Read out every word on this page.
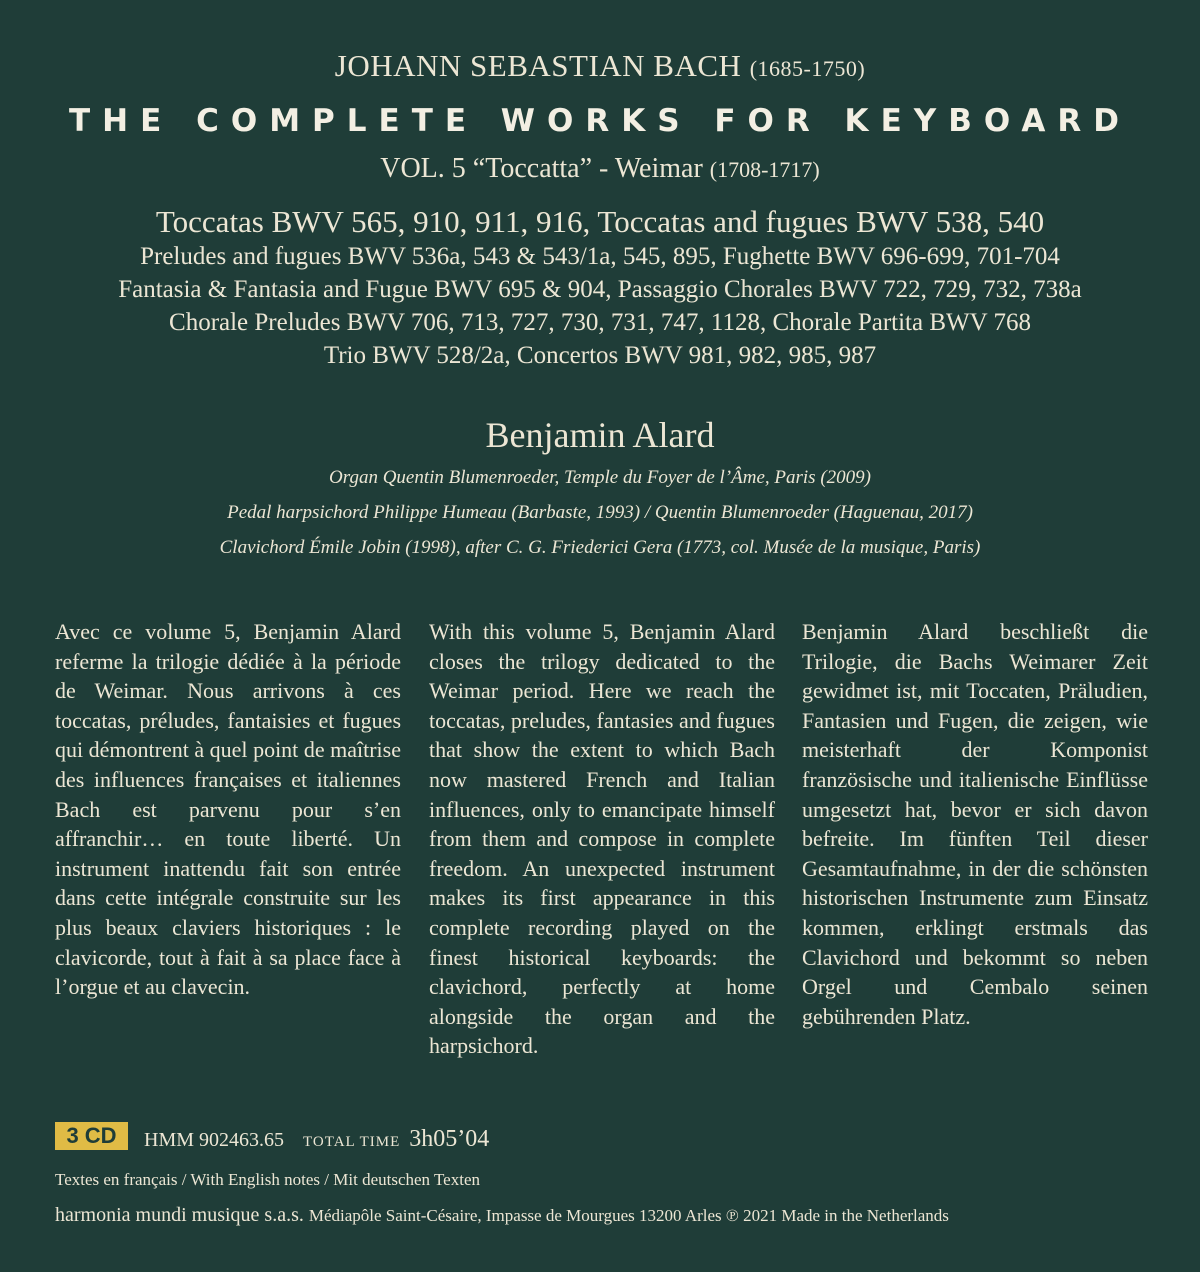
JOHANN SEBASTIAN BACH (1685-1750)
THE COMPLETE WORKS FOR KEYBOARD
VOL. 5 “Toccatta” - Weimar (1708-1717)
Toccatas BWV 565, 910, 911, 916, Toccatas and fugues BWV 538, 540
Preludes and fugues BWV 536a, 543 & 543/1a, 545, 895, Fughette BWV 696-699, 701-704
Fantasia & Fantasia and Fugue BWV 695 & 904, Passaggio Chorales BWV 722, 729, 732, 738a
Chorale Preludes BWV 706, 713, 727, 730, 731, 747, 1128, Chorale Partita BWV 768
Trio BWV 528/2a, Concertos BWV 981, 982, 985, 987
Benjamin Alard
Organ Quentin Blumenroeder, Temple du Foyer de l’Âme, Paris (2009)
Pedal harpsichord Philippe Humeau (Barbaste, 1993) / Quentin Blumenroeder (Haguenau, 2017)
Clavichord Émile Jobin (1998), after C. G. Friederici Gera (1773, col. Musée de la musique, Paris)
Avec ce volume 5, Benjamin Alard referme la trilogie dédiée à la période de Weimar. Nous arrivons à ces toccatas, préludes, fantaisies et fugues qui démontrent à quel point de maîtrise des influences françaises et italiennes Bach est parvenu pour s’en affranchir… en toute liberté. Un instrument inattendu fait son entrée dans cette intégrale construite sur les plus beaux claviers historiques : le clavicorde, tout à fait à sa place face à l’orgue et au clavecin.
With this volume 5, Benjamin Alard closes the trilogy dedicated to the Weimar period. Here we reach the toccatas, preludes, fantasies and fugues that show the extent to which Bach now mastered French and Italian influences, only to emancipate himself from them and compose in complete freedom. An unexpected instrument makes its first appearance in this complete recording played on the finest historical keyboards: the clavichord, perfectly at home alongside the organ and the harpsichord.
Benjamin Alard beschließt die Trilogie, die Bachs Weimarer Zeit gewidmet ist, mit Toccaten, Präludien, Fantasien und Fugen, die zeigen, wie meisterhaft der Komponist französische und italienische Einflüsse umgesetzt hat, bevor er sich davon befreite. Im fünften Teil dieser Gesamtaufnahme, in der die schönsten historischen Instrumente zum Einsatz kommen, erklingt erstmals das Clavichord und bekommt so neben Orgel und Cembalo seinen gebührenden Platz.
3 CD	HMM 902463.65 TOTAL TIME 3h05’04
Textes en français / With English notes / Mit deutschen Texten
harmonia mundi musique s.a.s. Médiapôle Saint-Césaire, Impasse de Mourgues 13200 Arles ℗ 2021 Made in the Netherlands
